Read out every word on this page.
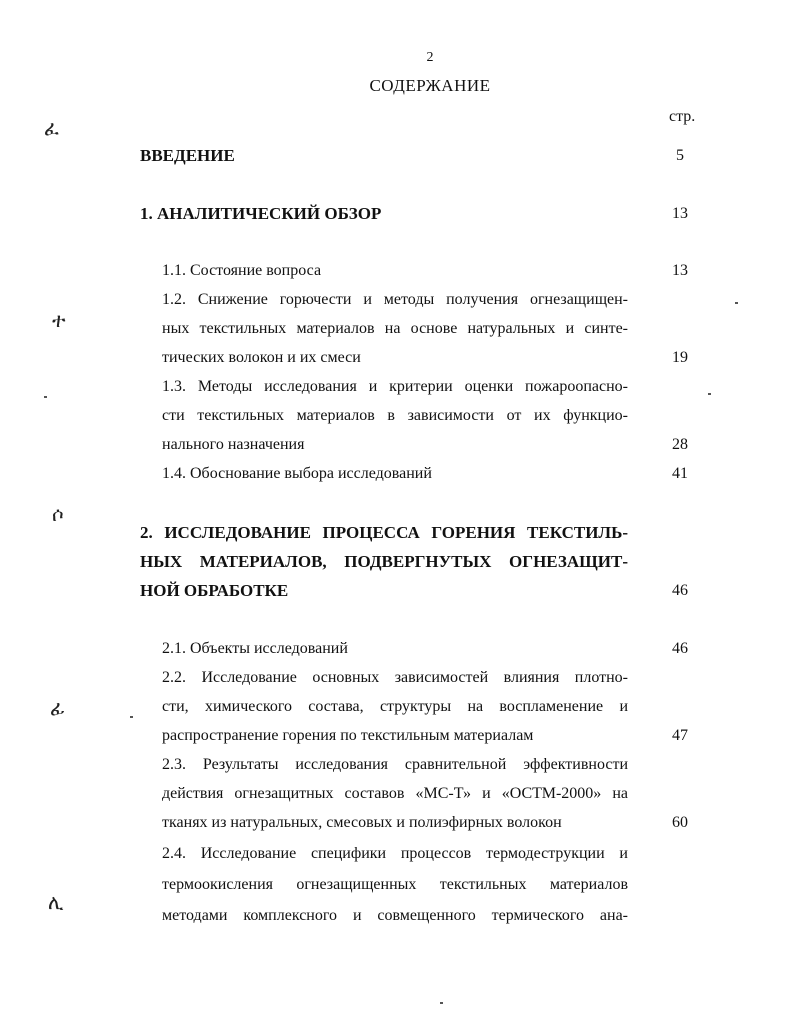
2
СОДЕРЖАНИЕ
стр.
ВВЕДЕНИЕ	5
1. АНАЛИТИЧЕСКИЙ ОБЗОР	13
1.1. Состояние вопроса	13
1.2. Снижение горючести и методы получения огнезащищен-
ных текстильных материалов на основе натуральных и синте-
тических волокон и их смеси	19
1.3. Методы исследования и критерии оценки пожароопасно-
сти текстильных материалов в зависимости от их функцио-
нального назначения	28
1.4. Обоснование выбора исследований	41
2. ИССЛЕДОВАНИЕ ПРОЦЕССА ГОРЕНИЯ ТЕКСТИЛЬ-
НЫХ МАТЕРИАЛОВ, ПОДВЕРГНУТЫХ ОГНЕЗАЩИТ-
НОЙ ОБРАБОТКЕ	46
2.1. Объекты исследований	46
2.2. Исследование основных зависимостей влияния плотно-
сти, химического состава, структуры на воспламенение и
распространение горения по текстильным материалам	47
2.3. Результаты исследования сравнительной эффективности
действия огнезащитных составов «МС-Т» и «ОСТМ-2000» на
тканях из натуральных, смесовых и полиэфирных волокон	60
2.4. Исследование специфики процессов термодеструкции и
термоокисления огнезащищенных текстильных материалов
методами комплексного и совмещенного термического ана-
ፈ
ተ
ሶ
ፊ
ሊ
